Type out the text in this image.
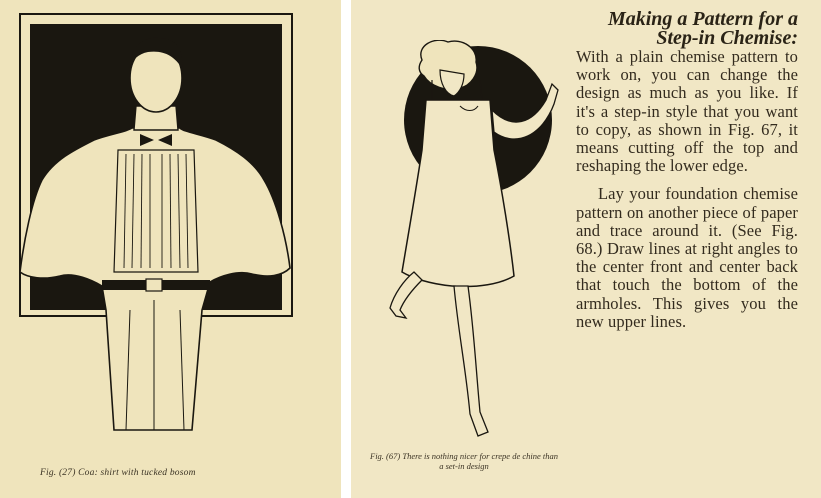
Fig. (27) Coa: shirt with tucked bosom
Fig. (67) There is nothing nicer for crepe de chine than a set-in design
Making a Pattern for a Step-in Chemise:

With a plain chemise pattern to work on, you can change the design as much as you like. If it's a step-in style that you want to copy, as shown in Fig. 67, it means cutting off the top and reshaping the lower edge.

Lay your foundation chemise pattern on another piece of paper and trace around it. (See Fig. 68.) Draw lines at right angles to the center front and center back that touch the bottom of the armholes. This gives you the new upper lines.
